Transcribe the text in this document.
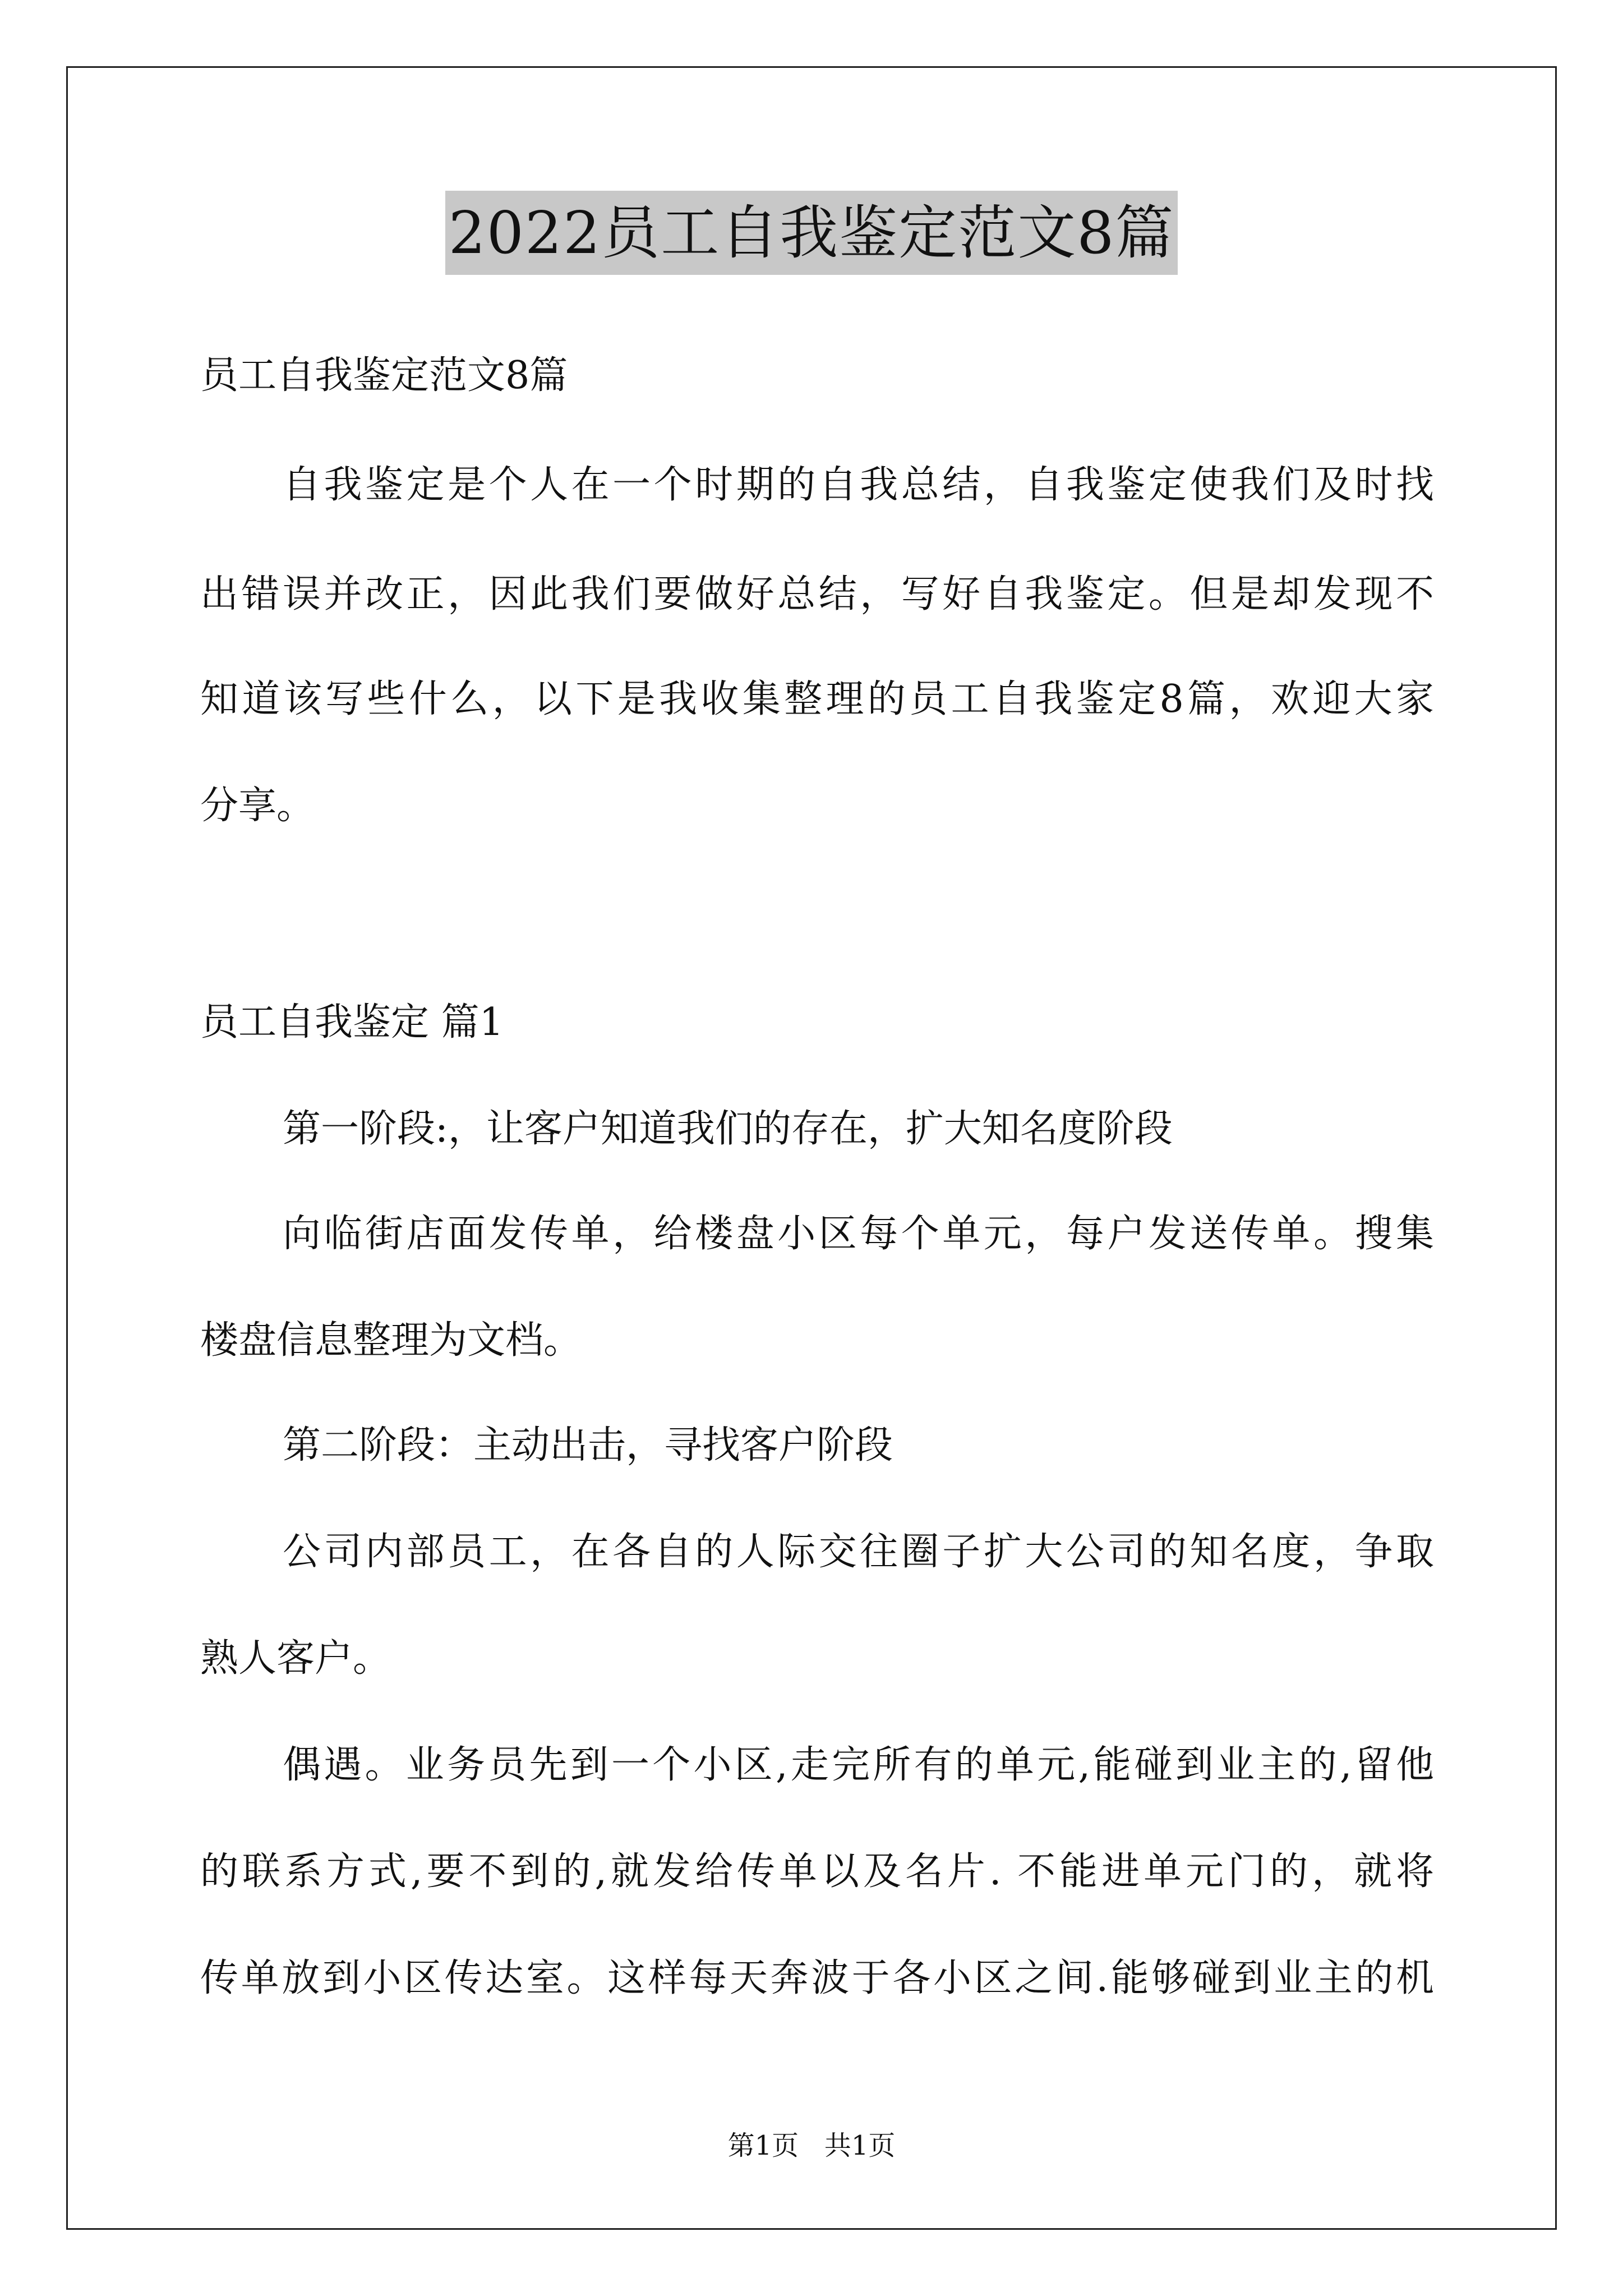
2022员工自我鉴定范文8篇
员工自我鉴定范文8篇
自我鉴定是个人在一个时期的自我总结，自我鉴定使我们及时找
出错误并改正，因此我们要做好总结，写好自我鉴定。但是却发现不
知道该写些什么，以下是我收集整理的员工自我鉴定8篇，欢迎大家
分享。
员工自我鉴定 篇1
第一阶段:，让客户知道我们的存在，扩大知名度阶段
向临街店面发传单，给楼盘小区每个单元，每户发送传单。搜集
楼盘信息整理为文档。
第二阶段：主动出击，寻找客户阶段
公司内部员工，在各自的人际交往圈子扩大公司的知名度，争取
熟人客户。
偶遇。业务员先到一个小区,走完所有的单元,能碰到业主的,留他
的联系方式,要不到的,就发给传单以及名片. 不能进单元门的，就将
传单放到小区传达室。这样每天奔波于各小区之间.能够碰到业主的机
第1页   共1页
